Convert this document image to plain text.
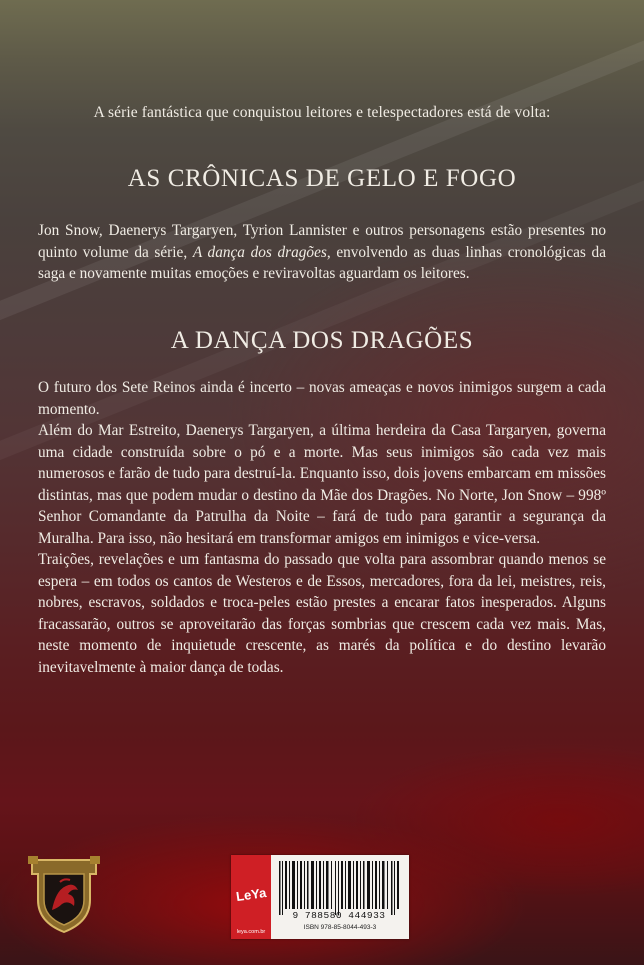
A série fantástica que conquistou leitores e telespectadores está de volta:

AS CRÔNICAS DE GELO E FOGO

Jon Snow, Daenerys Targaryen, Tyrion Lannister e outros personagens estão presentes no quinto volume da série, A dança dos dragões, envolvendo as duas linhas cronológicas da saga e novamente muitas emoções e reviravoltas aguardam os leitores.

A DANÇA DOS DRAGÕES

O futuro dos Sete Reinos ainda é incerto – novas ameaças e novos inimigos surgem a cada momento.

Além do Mar Estreito, Daenerys Targaryen, a última herdeira da Casa Targaryen, governa uma cidade construída sobre o pó e a morte. Mas seus inimigos são cada vez mais numerosos e farão de tudo para destruí-la. Enquanto isso, dois jovens embarcam em missões distintas, mas que podem mudar o destino da Mãe dos Dragões. No Norte, Jon Snow – 998º Senhor Comandante da Patrulha da Noite – fará de tudo para garantir a segurança da Muralha. Para isso, não hesitará em transformar amigos em inimigos e vice-versa.

Traições, revelações e um fantasma do passado que volta para assombrar quando menos se espera – em todos os cantos de Westeros e de Essos, mercadores, fora da lei, meistres, reis, nobres, escravos, soldados e troca-peles estão prestes a encarar fatos inesperados. Alguns fracassarão, outros se aproveitarão das forças sombrias que crescem cada vez mais. Mas, neste momento de inquietude crescente, as marés da política e do destino levarão inevitavelmente à maior dança de todas.

LeYa
leya.com.br
9 788580 444933
ISBN 978-85-8044-493-3
